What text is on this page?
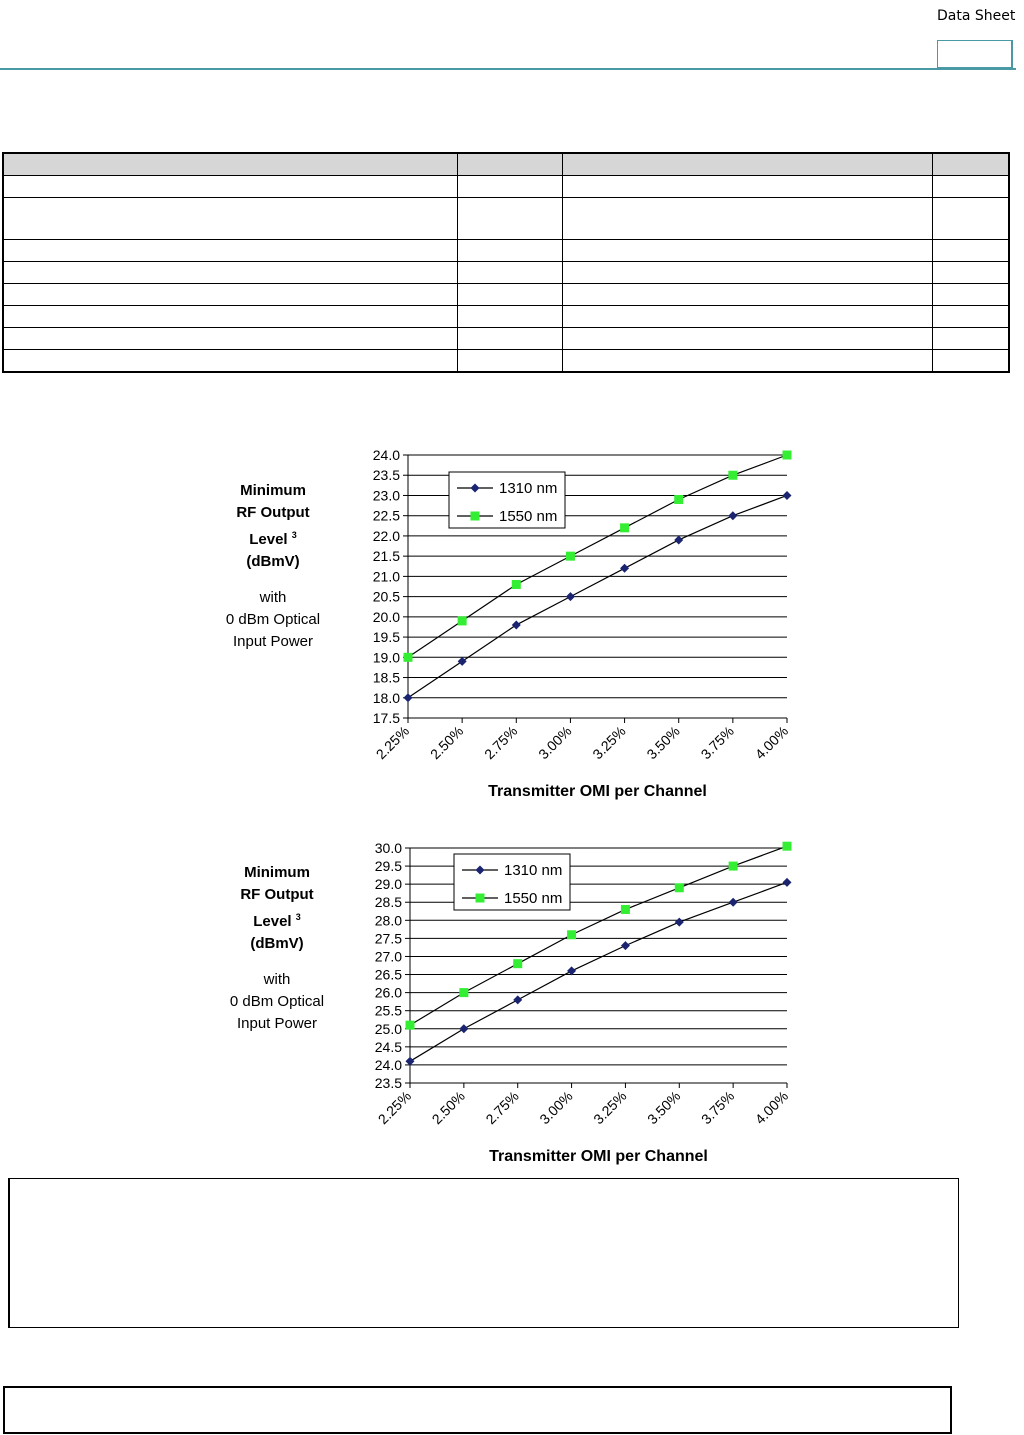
Data Sheet

Minimum
RF Output
Level $^3$
(dBmV)
with
0 dBm Optical
Input Power
17.5
18.0
18.5
19.0
19.5
20.0
20.5
21.0
21.5
22.0
22.5
23.0
23.5
24.0
2.25% 2.50% 2.75% 3.00% 3.25% 3.50% 3.75% 4.00%
Transmitter OMI per Channel
1310 nm
1550 nm
Minimum
RF Output
Level $^3$
(dBmV)
with
0 dBm Optical
Input Power
23.5
24.0
24.5
25.0
25.5
26.0
26.5
27.0
27.5
28.0
28.5
29.0
29.5
30.0
2.25% 2.50% 2.75% 3.00% 3.25% 3.50% 3.75% 4.00%
Transmitter OMI per Channel
1310 nm
1550 nm
